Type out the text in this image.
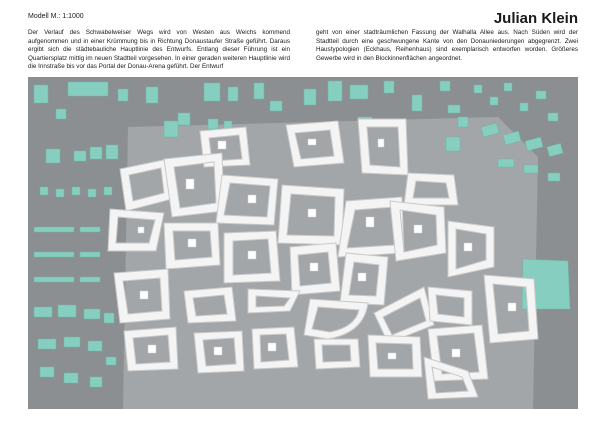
Modell M.: 1:1000	Julian Klein

Der Verlauf des Schwabelweiser Wegs wird von Westen aus Weichs kommend aufgenommen und in einer Krümmung bis in Richtung Donaustaufer Straße geführt. Daraus ergibt sich die städtebauliche Hauptlinie des Entwurfs. Entlang dieser Führung ist ein Quartiersplatz mittig im neuen Stadtteil vorgesehen. In einer geraden weiteren Hauptlinie wird die Innstraße bis vor das Portal der Donau-Arena geführt. Der Entwurf

geht von einer stadträumlichen Fassung der Walhalla Allee aus. Nach Süden wird der Stadtteil durch eine geschwungene Kante von den Donauniederungen abgegrenzt. Zwei Haustypologien (Eckhaus, Reihenhaus) sind exemplarisch entworfen worden. Größeres Gewerbe wird in den Blockinnenflächen angeordnet.
